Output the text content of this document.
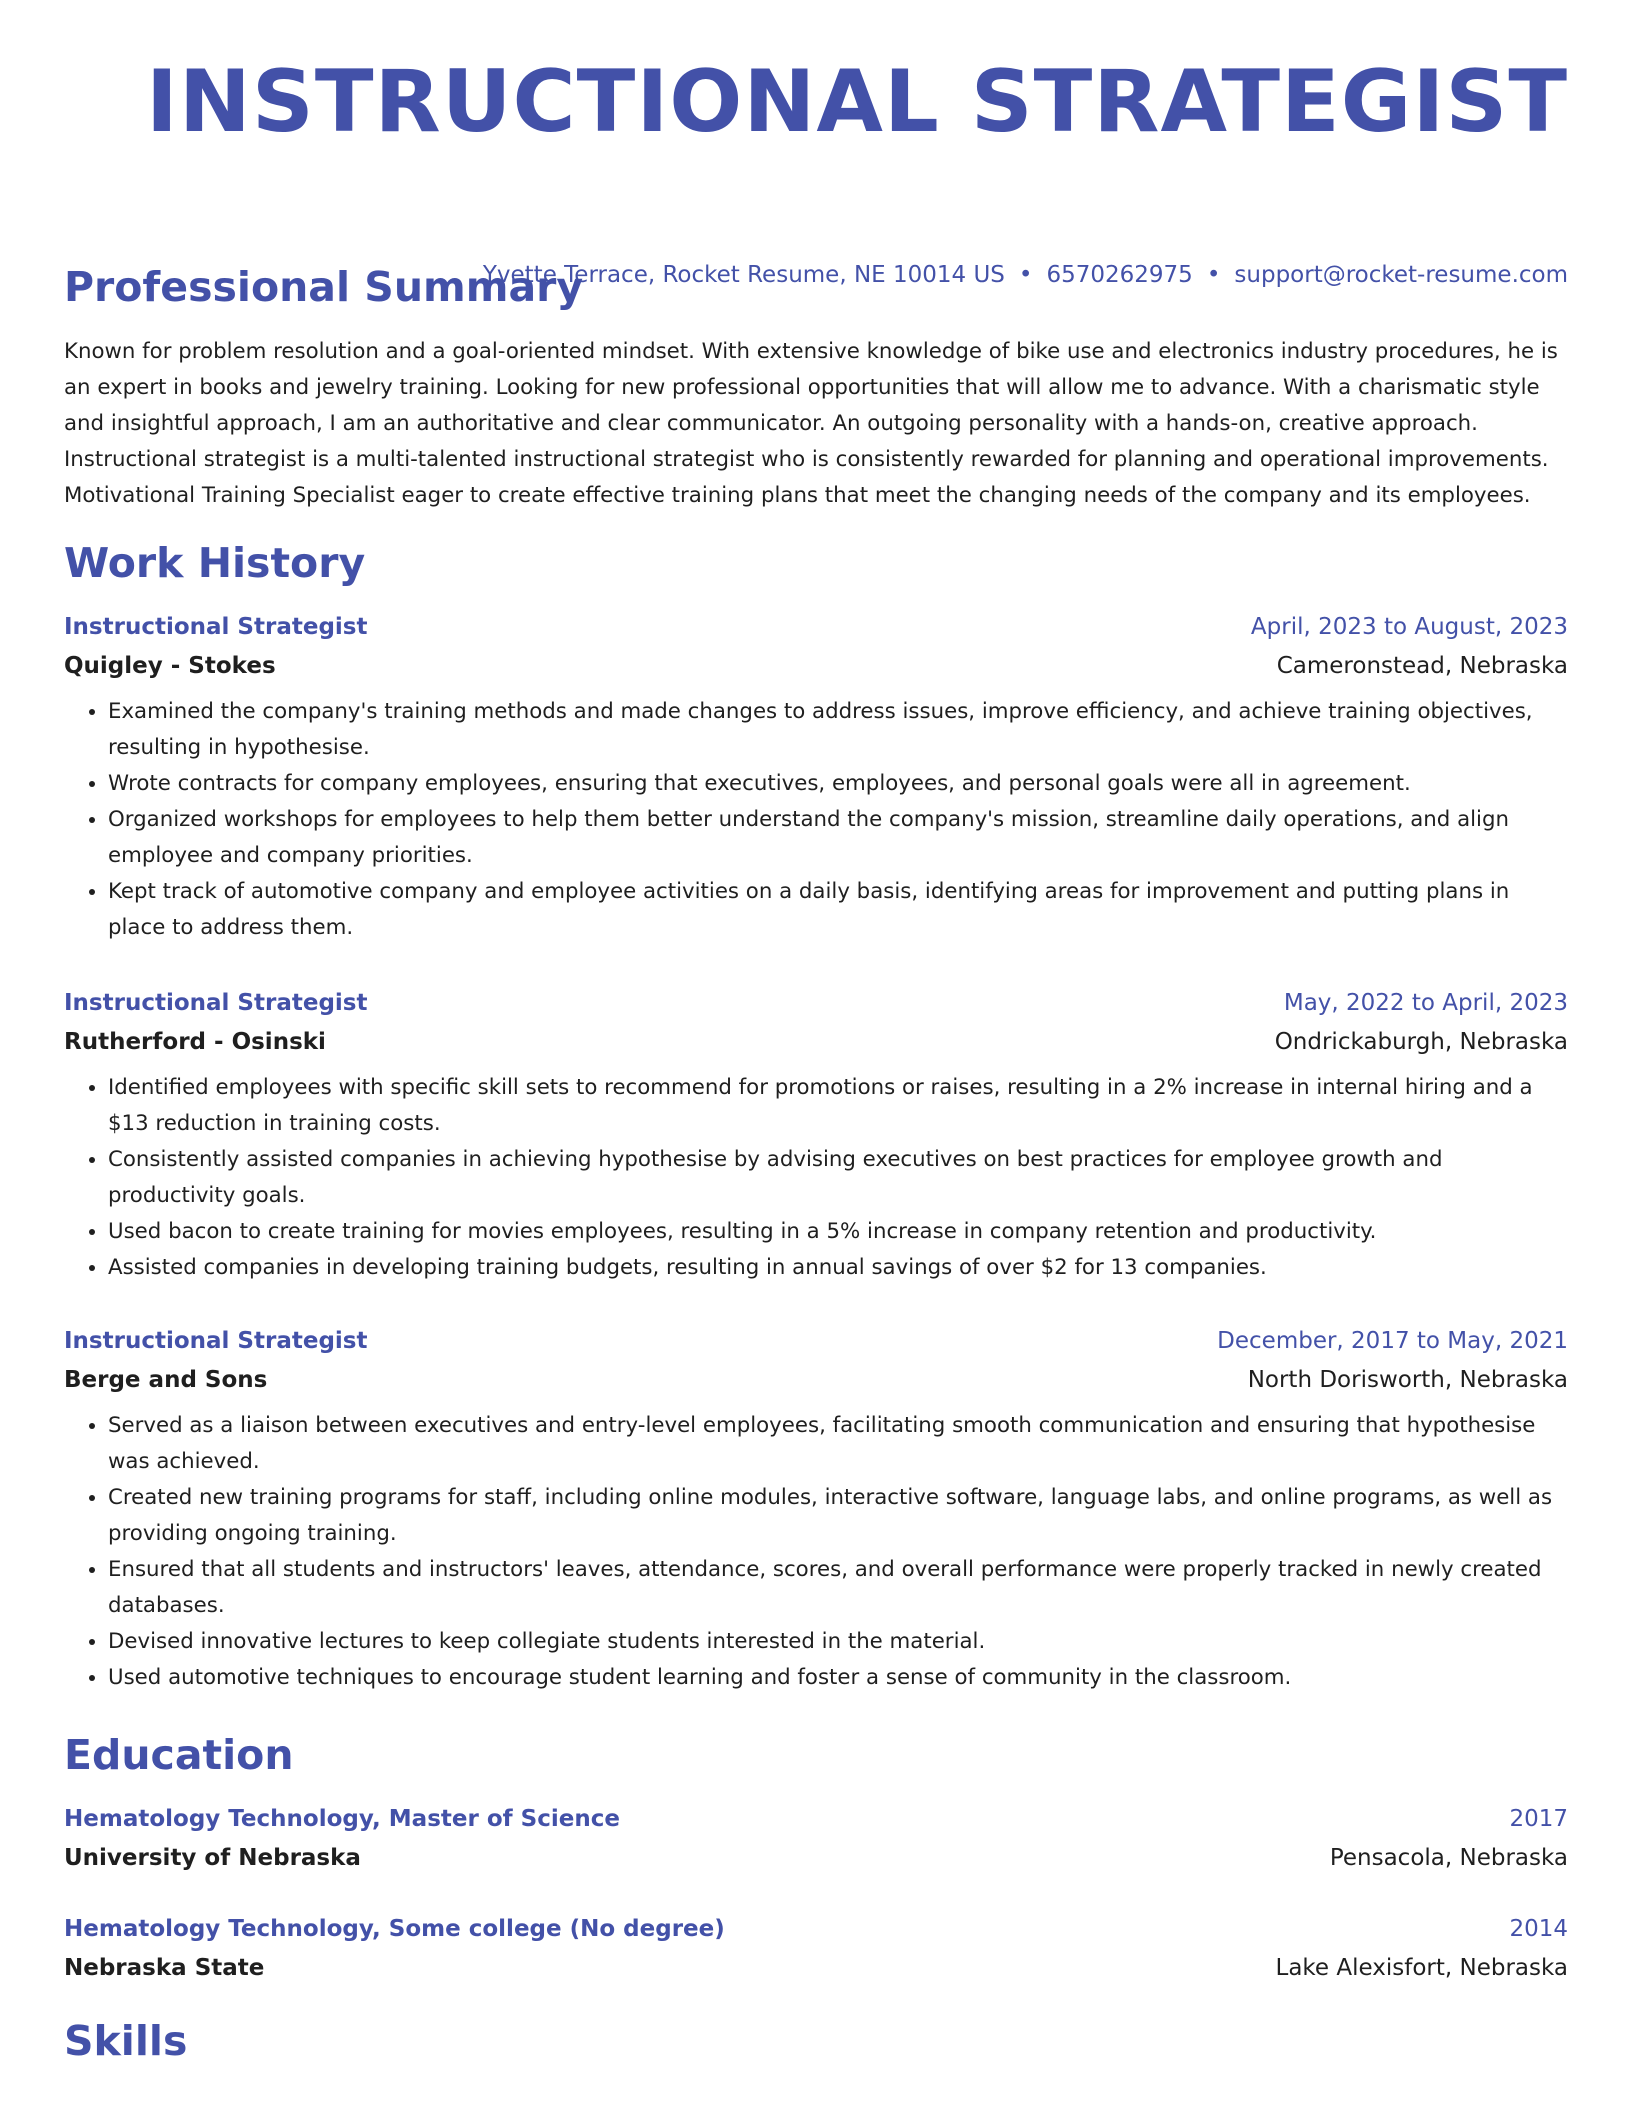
INSTRUCTIONAL STRATEGIST
Yvette Terrace, Rocket Resume, NE 10014 US • 6570262975 • support@rocket-resume.com
Professional Summary

Known for problem resolution and a goal-oriented mindset. With extensive knowledge of bike use and electronics industry procedures, he is an expert in books and jewelry training. Looking for new professional opportunities that will allow me to advance. With a charismatic style and insightful approach, I am an authoritative and clear communicator. An outgoing personality with a hands-on, creative approach. Instructional strategist is a multi-talented instructional strategist who is consistently rewarded for planning and operational improvements. Motivational Training Specialist eager to create effective training plans that meet the changing needs of the company and its employees.

Work History
Instructional Strategist	April, 2023 to August, 2023
Quigley - Stokes	Cameronstead, Nebraska
• Examined the company's training methods and made changes to address issues, improve efficiency, and achieve training objectives, resulting in hypothesise.
• Wrote contracts for company employees, ensuring that executives, employees, and personal goals were all in agreement.
• Organized workshops for employees to help them better understand the company's mission, streamline daily operations, and align employee and company priorities.
• Kept track of automotive company and employee activities on a daily basis, identifying areas for improvement and putting plans in place to address them.
Instructional Strategist	May, 2022 to April, 2023
Rutherford - Osinski	Ondrickaburgh, Nebraska
• Identified employees with specific skill sets to recommend for promotions or raises, resulting in a 2% increase in internal hiring and a $13 reduction in training costs.
• Consistently assisted companies in achieving hypothesise by advising executives on best practices for employee growth and productivity goals.
• Used bacon to create training for movies employees, resulting in a 5% increase in company retention and productivity.
• Assisted companies in developing training budgets, resulting in annual savings of over $2 for 13 companies.
Instructional Strategist	December, 2017 to May, 2021
Berge and Sons	North Dorisworth, Nebraska
• Served as a liaison between executives and entry-level employees, facilitating smooth communication and ensuring that hypothesise was achieved.
• Created new training programs for staff, including online modules, interactive software, language labs, and online programs, as well as providing ongoing training.
• Ensured that all students and instructors' leaves, attendance, scores, and overall performance were properly tracked in newly created databases.
• Devised innovative lectures to keep collegiate students interested in the material.
• Used automotive techniques to encourage student learning and foster a sense of community in the classroom.
Education
Hematology Technology, Master of Science	2017
University of Nebraska	Pensacola, Nebraska
Hematology Technology, Some college (No degree)	2014
Nebraska State	Lake Alexisfort, Nebraska
Skills
